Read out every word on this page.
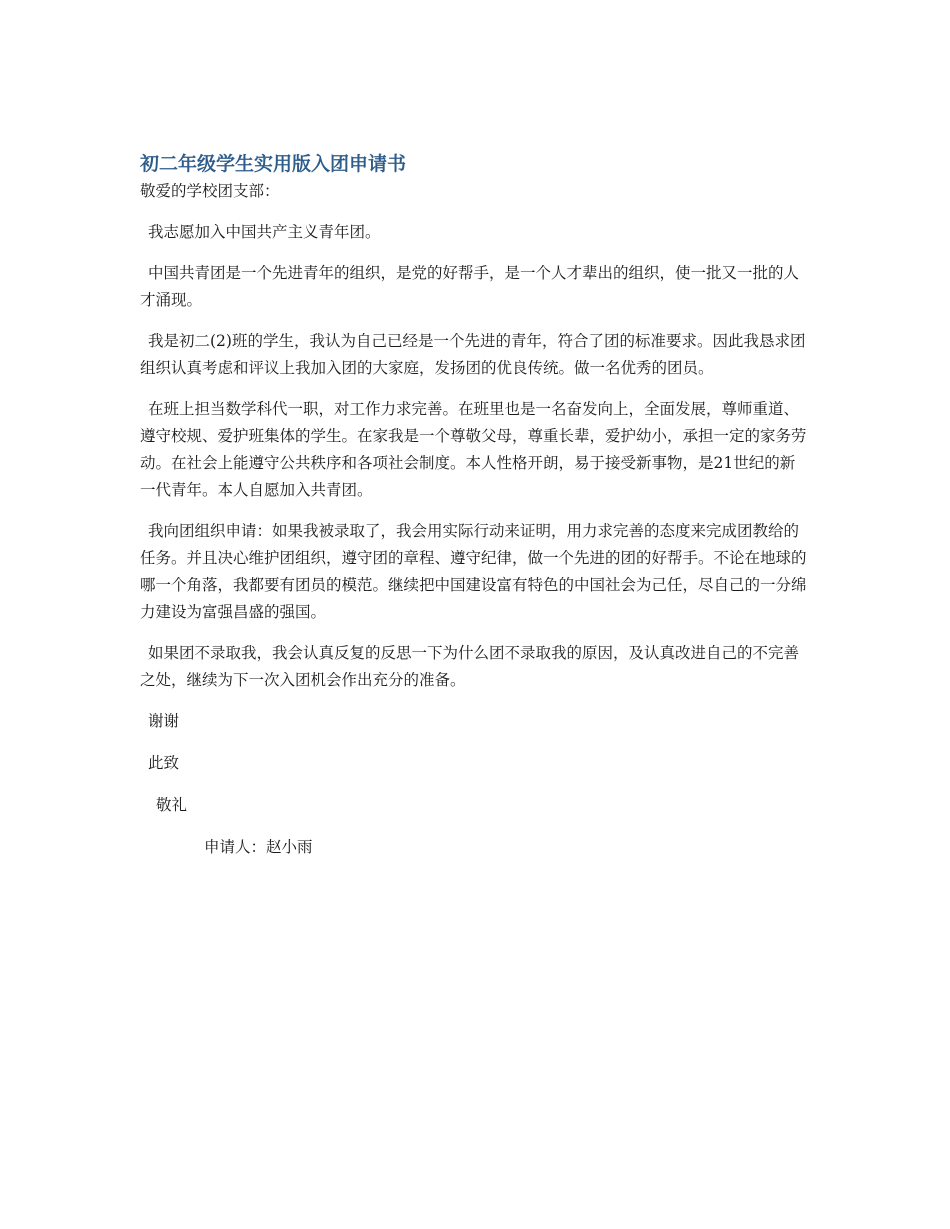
初二年级学生实用版入团申请书

敬爱的学校团支部：

我志愿加入中国共产主义青年团。

中国共青团是一个先进青年的组织，是党的好帮手，是一个人才辈出的组织，使一批又一批的人才涌现。

我是初二(2)班的学生，我认为自己已经是一个先进的青年，符合了团的标准要求。因此我恳求团组织认真考虑和评议上我加入团的大家庭，发扬团的优良传统。做一名优秀的团员。

在班上担当数学科代一职，对工作力求完善。在班里也是一名奋发向上，全面发展，尊师重道、遵守校规、爱护班集体的学生。在家我是一个尊敬父母，尊重长辈，爱护幼小，承担一定的家务劳动。在社会上能遵守公共秩序和各项社会制度。本人性格开朗，易于接受新事物，是21世纪的新一代青年。本人自愿加入共青团。

我向团组织申请：如果我被录取了，我会用实际行动来证明，用力求完善的态度来完成团教给的任务。并且决心维护团组织，遵守团的章程、遵守纪律，做一个先进的团的好帮手。不论在地球的哪一个角落，我都要有团员的模范。继续把中国建设富有特色的中国社会为己任，尽自己的一分绵力建设为富强昌盛的强国。

如果团不录取我，我会认真反复的反思一下为什么团不录取我的原因，及认真改进自己的不完善之处，继续为下一次入团机会作出充分的准备。

谢谢

此致

敬礼

申请人：赵小雨
